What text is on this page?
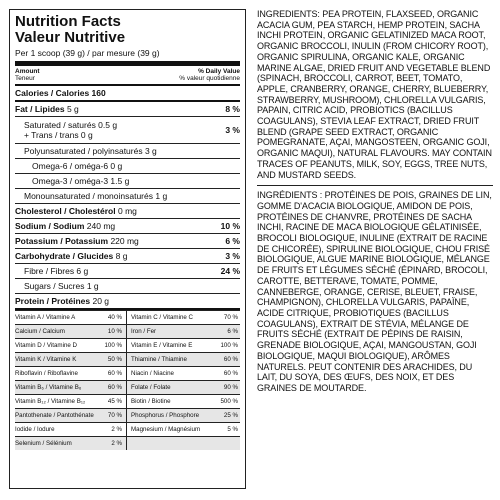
Nutrition Facts
Valeur Nutritive
Per 1 scoop (39 g) / par mesure (39 g)
Amount	% Daily Value
Teneur	% valeur quotidienne
Calories / Calories 160
Fat / Lipides 5 g	8 %
Saturated / saturés 0.5 g
+ Trans / trans 0 g	3 %
Polyunsaturated / polyinsaturés 3 g
Omega-6 / oméga-6 0 g
Omega-3 / oméga-3 1.5 g
Monounsaturated / monoinsaturés 1 g
Cholesterol / Cholestérol 0 mg
Sodium / Sodium 240 mg	10 %
Potassium / Potassium 220 mg	6 %
Carbohydrate / Glucides 8 g	3 %
Fibre / Fibres 6 g	24 %
Sugars / Sucres 1 g
Protein / Protéines 20 g
Vitamin A / Vitamine A	40 % Vitamin C / Vitamine C	70 %
Calcium / Calcium	10 % Iron / Fer	6 %
Vitamin D / Vitamine D	100 % Vitamin E / Vitamine E	100 %
Vitamin K / Vitamine K	50 % Thiamine / Thiamine	60 %
Riboflavin / Riboflavine	60 % Niacin / Niacine	60 %
Vitamin B₆ / Vitamine B₆	60 % Folate / Folate	90 %
Vitamin B₁₂ / Vitamine B₁₂	45 % Biotin / Biotine	500 %
Pantothenate / Pantothénate 70 % Phosphorus / Phosphore	25 %
Iodide / Iodure	2 % Magnesium / Magnésium	5 %
Selenium / Sélénium	2 %

INGREDIENTS: PEA PROTEIN, FLAXSEED, ORGANIC ACACIA GUM, PEA STARCH, HEMP PROTEIN, SACHA INCHI PROTEIN, ORGANIC GELATINIZED MACA ROOT, ORGANIC BROCCOLI, INULIN (FROM CHICORY ROOT), ORGANIC SPIRULINA, ORGANIC KALE, ORGANIC MARINE ALGAE, DRIED FRUIT AND VEGETABLE BLEND (SPINACH, BROCCOLI, CARROT, BEET, TOMATO, APPLE, CRANBERRY, ORANGE, CHERRY, BLUEBERRY, STRAWBERRY, MUSHROOM), CHLORELLA VULGARIS, PAPAIN, CITRIC ACID, PROBIOTICS (BACILLUS COAGULANS), STEVIA LEAF EXTRACT, DRIED FRUIT BLEND (GRAPE SEED EXTRACT, ORGANIC POMEGRANATE, AÇAI, MANGOSTEEN, ORGANIC GOJI, ORGANIC MAQUI), NATURAL FLAVOURS. MAY CONTAIN TRACES OF PEANUTS, MILK, SOY, EGGS, TREE NUTS, AND MUSTARD SEEDS.

INGRÉDIENTS : PROTÉINES DE POIS, GRAINES DE LIN, GOMME D'ACACIA BIOLOGIQUE, AMIDON DE POIS, PROTÉINES DE CHANVRE, PROTÉINES DE SACHA INCHI, RACINE DE MACA BIOLOGIQUE GÉLATINISÉE, BROCOLI BIOLOGIQUE, INULINE (EXTRAIT DE RACINE DE CHICORÉE), SPIRULINE BIOLOGIQUE, CHOU FRISÉ BIOLOGIQUE, ALGUE MARINE BIOLOGIQUE, MÉLANGE DE FRUITS ET LÉGUMES SÉCHÉ (ÉPINARD, BROCOLI, CAROTTE, BETTERAVE, TOMATE, POMME, CANNEBERGE, ORANGE, CERISE, BLEUET, FRAISE, CHAMPIGNON), CHLORELLA VULGARIS, PAPAÏNE, ACIDE CITRIQUE, PROBIOTIQUES (BACILLUS COAGULANS), EXTRAIT DE STÉVIA, MÉLANGE DE FRUITS SÉCHÉ (EXTRAIT DE PÉPINS DE RAISIN, GRENADE BIOLOGIQUE, AÇAI, MANGOUSTAN, GOJI BIOLOGIQUE, MAQUI BIOLOGIQUE), ARÔMES NATURELS. PEUT CONTENIR DES ARACHIDES, DU LAIT, DU SOYA, DES ŒUFS, DES NOIX, ET DES GRAINES DE MOUTARDE.
